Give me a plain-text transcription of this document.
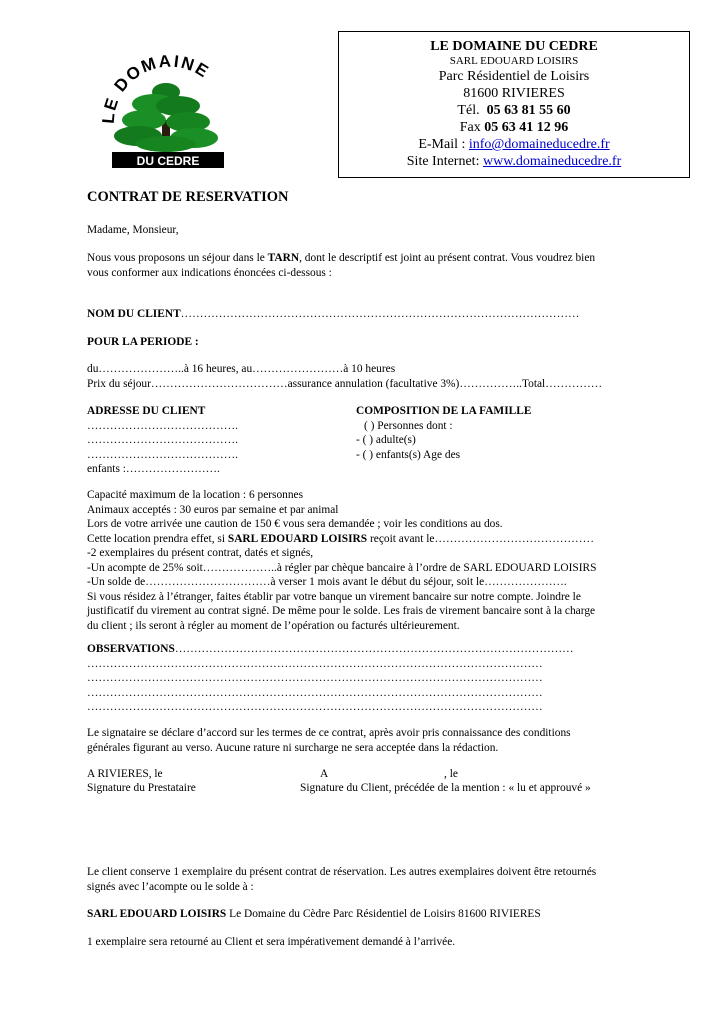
LE DOMAINE
DU CEDRE
LE DOMAINE DU CEDRE
SARL EDOUARD LOISIRS
Parc Résidentiel de Loisirs
81600 RIVIERES
Tél. 05 63 81 55 60
Fax 05 63 41 12 96
E-Mail : info@domaineducedre.fr
Site Internet: www.domaineducedre.fr
CONTRAT DE RESERVATION
Madame, Monsieur,
Nous vous proposons un séjour dans le TARN, dont le descriptif est joint au présent contrat. Vous voudrez bien
vous conformer aux indications énoncées ci-dessous :
NOM DU CLIENT……………………………………………………………………………………………
POUR LA PERIODE :
du…………………..à 16 heures, au……………………à 10 heures
Prix du séjour………………………………assurance annulation (facultative 3%)……………..Total……………
ADRESSE DU CLIENT
………………………………….
………………………………….
………………………………….
enfants :…………………….
COMPOSITION DE LA FAMILLE
( ) Personnes dont :
- ( ) adulte(s)
- ( ) enfants(s) Age des
Capacité maximum de la location : 6 personnes
Animaux acceptés : 30 euros par semaine et par animal
Lors de votre arrivée une caution de 150 € vous sera demandée ; voir les conditions au dos.
Cette location prendra effet, si SARL EDOUARD LOISIRS reçoit avant le……………………………………
-2 exemplaires du présent contrat, datés et signés,
-Un acompte de 25% soit………………..à régler par chèque bancaire à l’ordre de SARL EDOUARD LOISIRS
-Un solde de……………………………à verser 1 mois avant le début du séjour, soit le………………….
Si vous résidez à l’étranger, faites établir par votre banque un virement bancaire sur notre compte. Joindre le
justificatif du virement au contrat signé. De même pour le solde. Les frais de virement bancaire sont à la charge
du client ; ils seront à régler au moment de l’opération ou facturés ultérieurement.
OBSERVATIONS……………………………………………………………………………………………
…………………………………………………………………………………………………………
…………………………………………………………………………………………………………
…………………………………………………………………………………………………………
…………………………………………………………………………………………………………
Le signataire se déclare d’accord sur les termes de ce contrat, après avoir pris connaissance des conditions
générales figurant au verso. Aucune rature ni surcharge ne sera acceptée dans la rédaction.
A RIVIERES, le
Signature du Prestataire
A	, le
Signature du Client, précédée de la mention : « lu et approuvé »
Le client conserve 1 exemplaire du présent contrat de réservation. Les autres exemplaires doivent être retournés
signés avec l’acompte ou le solde à :
SARL EDOUARD LOISIRS Le Domaine du Cèdre Parc Résidentiel de Loisirs 81600 RIVIERES
1 exemplaire sera retourné au Client et sera impérativement demandé à l’arrivée.
